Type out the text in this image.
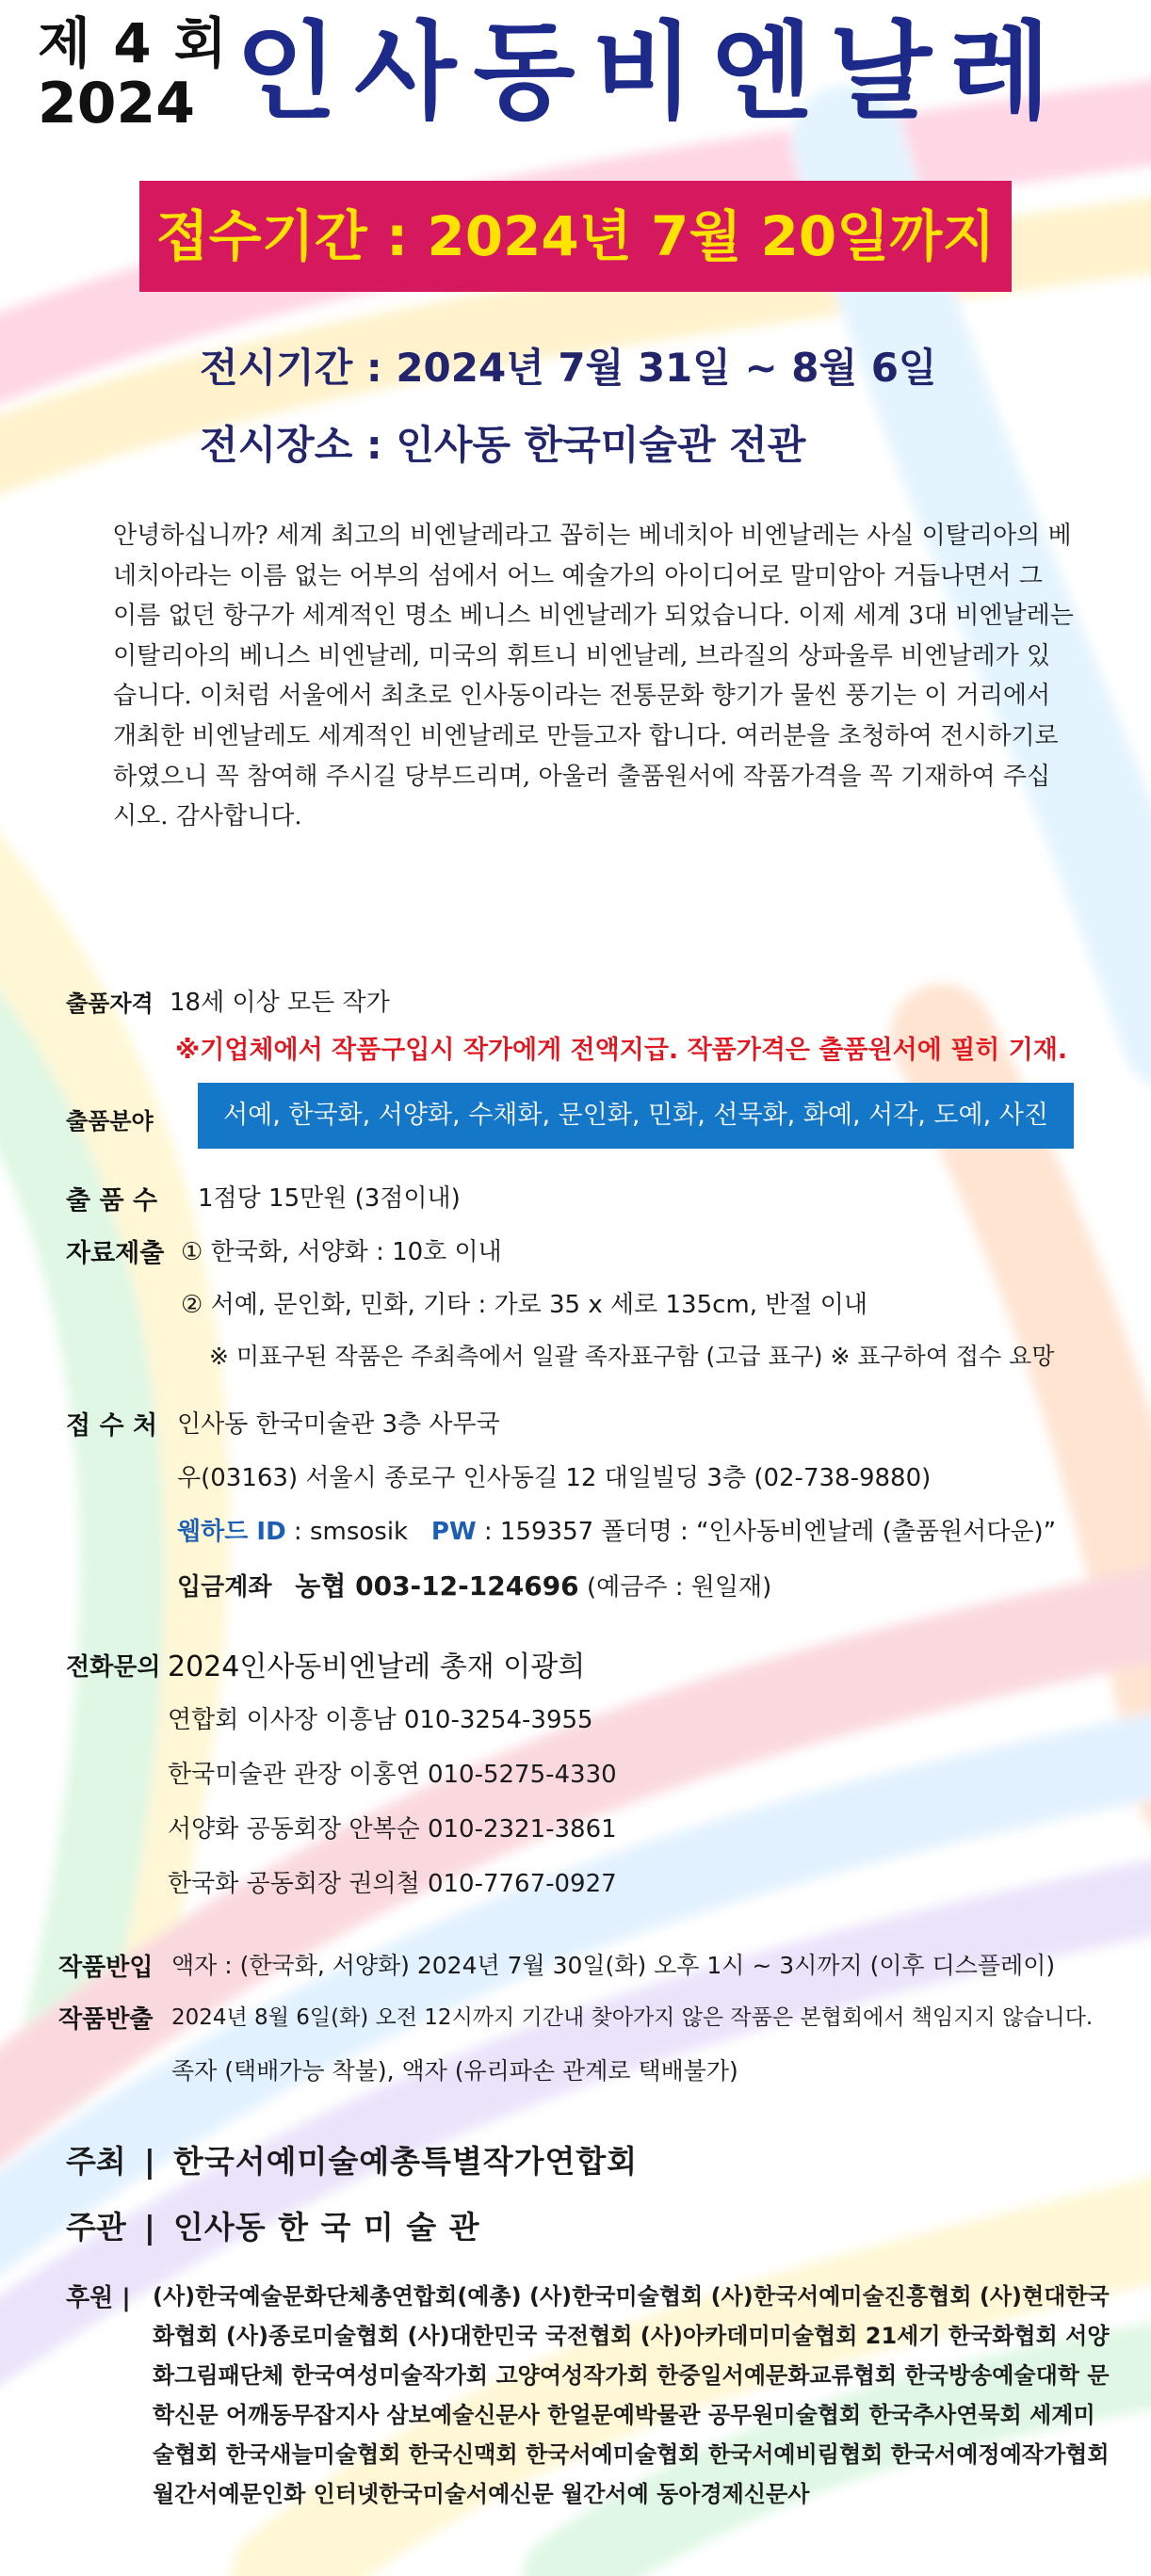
제 4 회
2024 인사동비엔날레
접수기간 : 2024년 7월 20일까지
전시기간 : 2024년 7월 31일 ~ 8월 6일
전시장소 : 인사동 한국미술관 전관
안녕하십니까? 세계 최고의 비엔날레라고 꼽히는 베네치아 비엔날레는 사실 이탈리아의 베네치아라는 이름 없는 어부의 섬에서 어느 예술가의 아이디어로 말미암아 거듭나면서 그 이름 없던 항구가 세계적인 명소 베니스 비엔날레가 되었습니다. 이제 세계 3대 비엔날레는 이탈리아의 베니스 비엔날레, 미국의 휘트니 비엔날레, 브라질의 상파울루 비엔날레가 있습니다. 이처럼 서울에서 최초로 인사동이라는 전통문화 향기가 물씬 풍기는 이 거리에서 개최한 비엔날레도 세계적인 비엔날레로 만들고자 합니다. 여러분을 초청하여 전시하기로 하였으니 꼭 참여해 주시길 당부드리며, 아울러 출품원서에 작품가격을 꼭 기재하여 주십시오. 감사합니다.
출품자격 18세 이상 모든 작가
※기업체에서 작품구입시 작가에게 전액지급. 작품가격은 출품원서에 필히 기재.
출품분야	서예, 한국화, 서양화, 수채화, 문인화, 민화, 선묵화, 화예, 서각, 도예, 사진
출 품 수 1점당 15만원 (3점이내)
자료제출 ① 한국화, 서양화 : 10호 이내
② 서예, 문인화, 민화, 기타 : 가로 35 x 세로 135cm, 반절 이내
※ 미표구된 작품은 주최측에서 일괄 족자표구함 (고급 표구) ※ 표구하여 접수 요망
접 수 처 인사동 한국미술관 3층 사무국
우(03163) 서울시 종로구 인사동길 12 대일빌딩 3층 (02-738-9880)
웹하드 ID : smsosik PW : 159357 폴더명 : “인사동비엔날레 (출품원서다운)”
입금계좌 농협 003-12-124696 (예금주 : 원일재)
전화문의 2024인사동비엔날레 총재 이광희
연합회 이사장 이흥남 010-3254-3955
한국미술관 관장 이홍연 010-5275-4330
서양화 공동회장 안복순 010-2321-3861
한국화 공동회장 권의철 010-7767-0927
작품반입 액자 : (한국화, 서양화) 2024년 7월 30일(화) 오후 1시 ~ 3시까지 (이후 디스플레이)
작품반출 2024년 8월 6일(화) 오전 12시까지 기간내 찾아가지 않은 작품은 본협회에서 책임지지 않습니다.
족자 (택배가능 착불), 액자 (유리파손 관계로 택배불가)
주최 | 한국서예미술예총특별작가연합회
주관 | 인사동 한 국 미 술 관
후원 | (사)한국예술문화단체총연합회(예총) (사)한국미술협회 (사)한국서예미술진흥협회 (사)현대한국화협회 (사)종로미술협회 (사)대한민국 국전협회 (사)아카데미미술협회 21세기 한국화협회 서양화그림패단체 한국여성미술작가회 고양여성작가회 한중일서예문화교류협회 한국방송예술대학 문학신문 어깨동무잡지사 삼보예술신문사 한얼문예박물관 공무원미술협회 한국추사연묵회 세계미술협회 한국새늘미술협회 한국신맥회 한국서예미술협회 한국서예비림협회 한국서예정예작가협회 월간서예문인화 인터넷한국미술서예신문 월간서예 동아경제신문사
